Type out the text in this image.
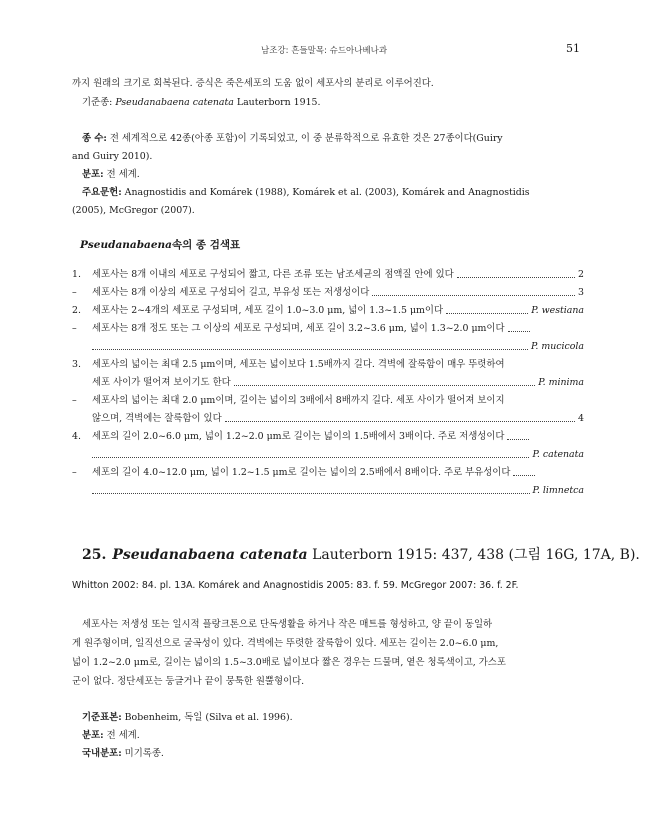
남조강: 흔들말목: 슈드아나베나과	51
까지 원래의 크기로 회복된다. 증식은 죽은세포의 도움 없이 세포사의 분리로 이루어진다.
기준종: Pseudanabaena catenata Lauterborn 1915.
종 수: 전 세계적으로 42종(아종 포함)이 기록되었고, 이 중 분류학적으로 유효한 것은 27종이다(Guiry
and Guiry 2010).
분포: 전 세계.
주요문헌: Anagnostidis and Komárek (1988), Komárek et al. (2003), Komárek and Anagnostidis
(2005), McGregor (2007).
Pseudanabaena속의 종 검색표
1.	세포사는 8개 이내의 세포로 구성되어 짧고, 다른 조류 또는 남조세균의 점액질 안에 있다	2
–	세포사는 8개 이상의 세포로 구성되어 길고, 부유성 또는 저생성이다	3
2.	세포사는 2~4개의 세포로 구성되며, 세포 길이 1.0~3.0 μm, 넓이 1.3~1.5 μm이다	P. westiana
–	세포사는 8개 정도 또는 그 이상의 세포로 구성되며, 세포 길이 3.2~3.6 μm, 넓이 1.3~2.0 μm이다
P. mucicola
3.	세포사의 넓이는 최대 2.5 μm이며, 세포는 넓이보다 1.5배까지 길다. 격벽에 잘룩함이 매우 뚜렷하여
세포 사이가 떨어져 보이기도 한다	P. minima
–	세포사의 넓이는 최대 2.0 μm이며, 길이는 넓이의 3배에서 8배까지 길다. 세포 사이가 떨어져 보이지
않으며, 격벽에는 잘룩함이 있다	4
4.	세포의 길이 2.0~6.0 μm, 넓이 1.2~2.0 μm로 길이는 넓이의 1.5배에서 3배이다. 주로 저생성이다
P. catenata
–	세포의 길이 4.0~12.0 μm, 넓이 1.2~1.5 μm로 길이는 넓이의 2.5배에서 8배이다. 주로 부유성이다
P. limnetca
25. Pseudanabaena catenata Lauterborn 1915: 437, 438 (그림 16G, 17A, B).
Whitton 2002: 84. pl. 13A. Komárek and Anagnostidis 2005: 83. f. 59. McGregor 2007: 36. f. 2F.
세포사는 저생성 또는 일시적 플랑크톤으로 단독생활을 하거나 작은 매트를 형성하고, 양 끝이 동일하
게 원주형이며, 일직선으로 굴곡성이 있다. 격벽에는 뚜렷한 잘룩함이 있다. 세포는 길이는 2.0~6.0 μm,
넓이 1.2~2.0 μm로, 길이는 넓이의 1.5~3.0배로 넓이보다 짧은 경우는 드물며, 옅은 청록색이고, 가스포
군이 없다. 정단세포는 둥글거나 끝이 뭉툭한 원뿔형이다.
기준표본: Bobenheim, 독일 (Silva et al. 1996).
분포: 전 세계.
국내분포: 미기록종.
